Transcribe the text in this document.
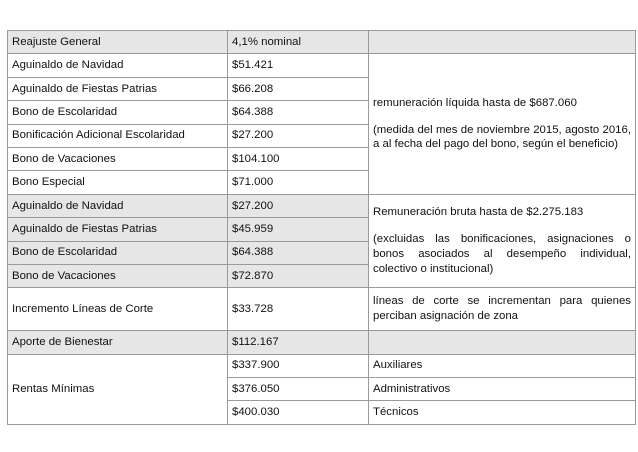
Reajuste General	4,1% nominal	
Aguinaldo de Navidad	$51.421	remuneración líquida hasta de $687.060

(medida del mes de noviembre 2015, agosto 2016, a al fecha del pago del bono, según el beneficio)

Aguinaldo de Fiestas Patrias	$66.208	
Bono de Escolaridad	$64.388	
Bonificación Adicional Escolaridad	$27.200	
Bono de Vacaciones	$104.100	
Bono Especial	$71.000	
Aguinaldo de Navidad	$27.200	Remuneración bruta hasta de $2.275.183

(excluidas las bonificaciones, asignaciones o bonos asociados al desempeño individual, colectivo o institucional)

Aguinaldo de Fiestas Patrias	$45.959	
Bono de Escolaridad	$64.388	
Bono de Vacaciones	$72.870	
Incremento Líneas de Corte	$33.728	líneas de corte se incrementan para quienes perciban asignación de zona
Aporte de Bienestar	$112.167	
Rentas Mínimas	$337.900	Auxiliares
	$376.050	Administrativos
	$400.030	Técnicos
